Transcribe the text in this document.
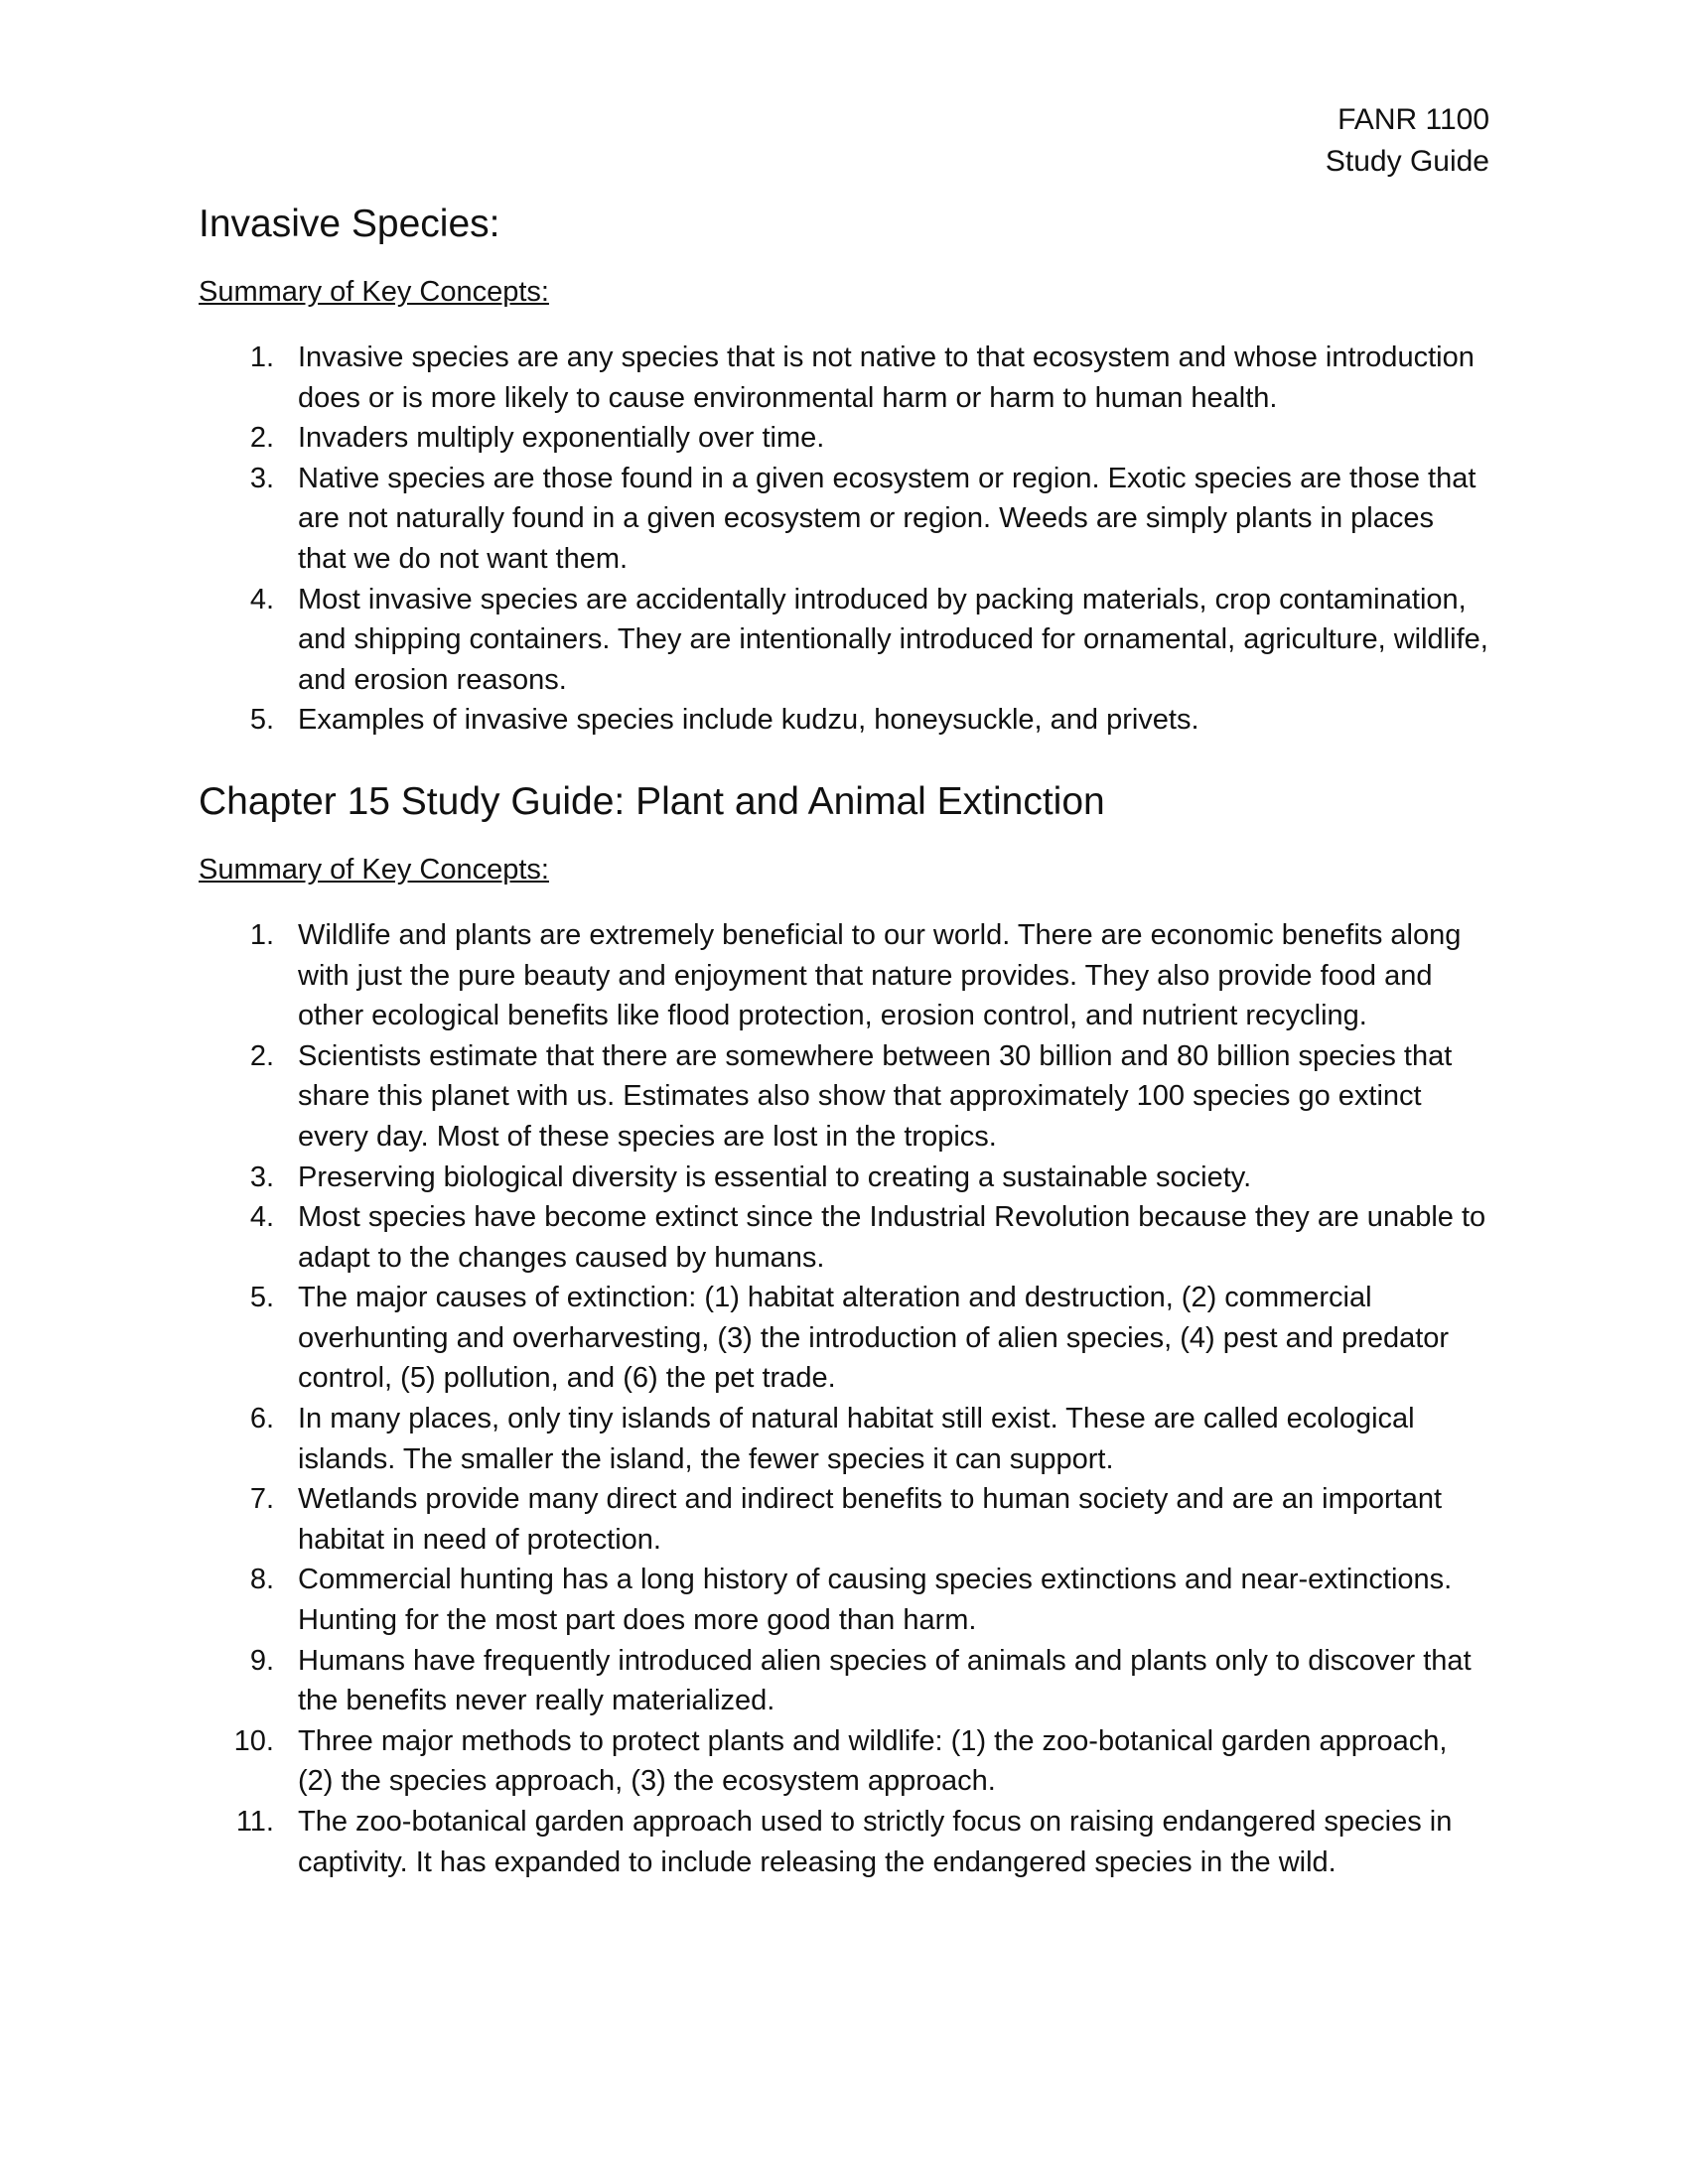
FANR 1100
Study Guide
Invasive Species:
Summary of Key Concepts:
1. Invasive species are any species that is not native to that ecosystem and whose introduction does or is more likely to cause environmental harm or harm to human health.
2. Invaders multiply exponentially over time.
3. Native species are those found in a given ecosystem or region. Exotic species are those that are not naturally found in a given ecosystem or region. Weeds are simply plants in places that we do not want them.
4. Most invasive species are accidentally introduced by packing materials, crop contamination, and shipping containers. They are intentionally introduced for ornamental, agriculture, wildlife, and erosion reasons.
5. Examples of invasive species include kudzu, honeysuckle, and privets.
Chapter 15 Study Guide: Plant and Animal Extinction
Summary of Key Concepts:
1. Wildlife and plants are extremely beneficial to our world. There are economic benefits along with just the pure beauty and enjoyment that nature provides. They also provide food and other ecological benefits like flood protection, erosion control, and nutrient recycling.
2. Scientists estimate that there are somewhere between 30 billion and 80 billion species that share this planet with us. Estimates also show that approximately 100 species go extinct every day. Most of these species are lost in the tropics.
3. Preserving biological diversity is essential to creating a sustainable society.
4. Most species have become extinct since the Industrial Revolution because they are unable to adapt to the changes caused by humans.
5. The major causes of extinction: (1) habitat alteration and destruction, (2) commercial overhunting and overharvesting, (3) the introduction of alien species, (4) pest and predator control, (5) pollution, and (6) the pet trade.
6. In many places, only tiny islands of natural habitat still exist. These are called ecological islands. The smaller the island, the fewer species it can support.
7. Wetlands provide many direct and indirect benefits to human society and are an important habitat in need of protection.
8. Commercial hunting has a long history of causing species extinctions and near-extinctions. Hunting for the most part does more good than harm.
9. Humans have frequently introduced alien species of animals and plants only to discover that the benefits never really materialized.
10. Three major methods to protect plants and wildlife: (1) the zoo-botanical garden approach, (2) the species approach, (3) the ecosystem approach.
11. The zoo-botanical garden approach used to strictly focus on raising endangered species in captivity. It has expanded to include releasing the endangered species in the wild.
